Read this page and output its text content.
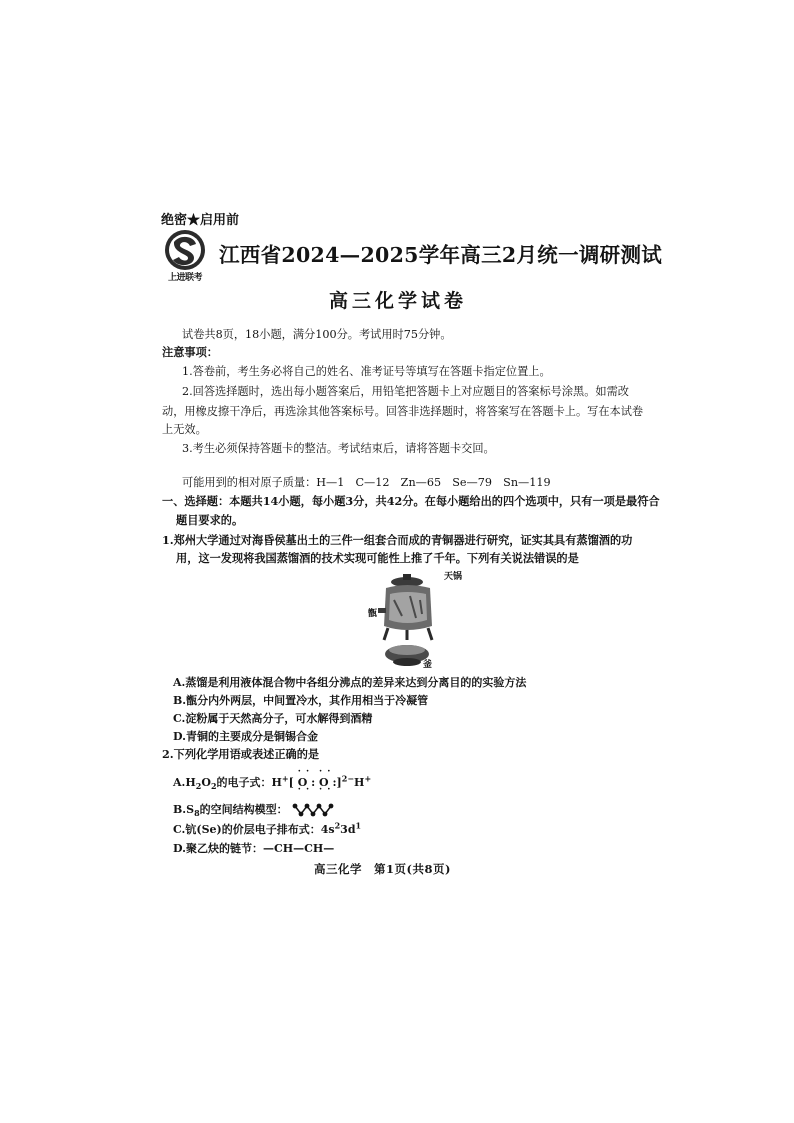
绝密★启用前
上进联考
江西省2024—2025学年高三2月统一调研测试
高三化学试卷
试卷共8页，18小题，满分100分。考试用时75分钟。
注意事项：
1.答卷前，考生务必将自己的姓名、准考证号等填写在答题卡指定位置上。
2.回答选择题时，选出每小题答案后，用铅笔把答题卡上对应题目的答案标号涂黑。如需改
动，用橡皮擦干净后，再选涂其他答案标号。回答非选择题时，将答案写在答题卡上。写在本试卷
上无效。
3.考生必须保持答题卡的整洁。考试结束后，请将答题卡交回。
可能用到的相对原子质量：H—1　C—12　Zn—65　Se—79　Sn—119
一、选择题：本题共14小题，每小题3分，共42分。在每小题给出的四个选项中，只有一项是最符合
题目要求的。
1.郑州大学通过对海昏侯墓出土的三件一组套合而成的青铜器进行研究，证实其具有蒸馏酒的功
用，这一发现将我国蒸馏酒的技术实现可能性上推了千年。下列有关说法错误的是
天锅
甑
釜
A.蒸馏是利用液体混合物中各组分沸点的差异来达到分离目的的实验方法
B.甑分内外两层，中间置冷水，其作用相当于冷凝管
C.淀粉属于天然高分子，可水解得到酒精
D.青铜的主要成分是铜锡合金
2.下列化学用语或表述正确的是
$A.H_2O_2$的电子式：H+[ · · O · · : · · O · · :]$^{2-}$H+
$B.S_8$的空间结构模型：
C.钪(Se)的价层电子排布式：$4s^23d^1$
D.聚乙炔的链节：—CH—CH—
高三化学　第1页(共8页)
